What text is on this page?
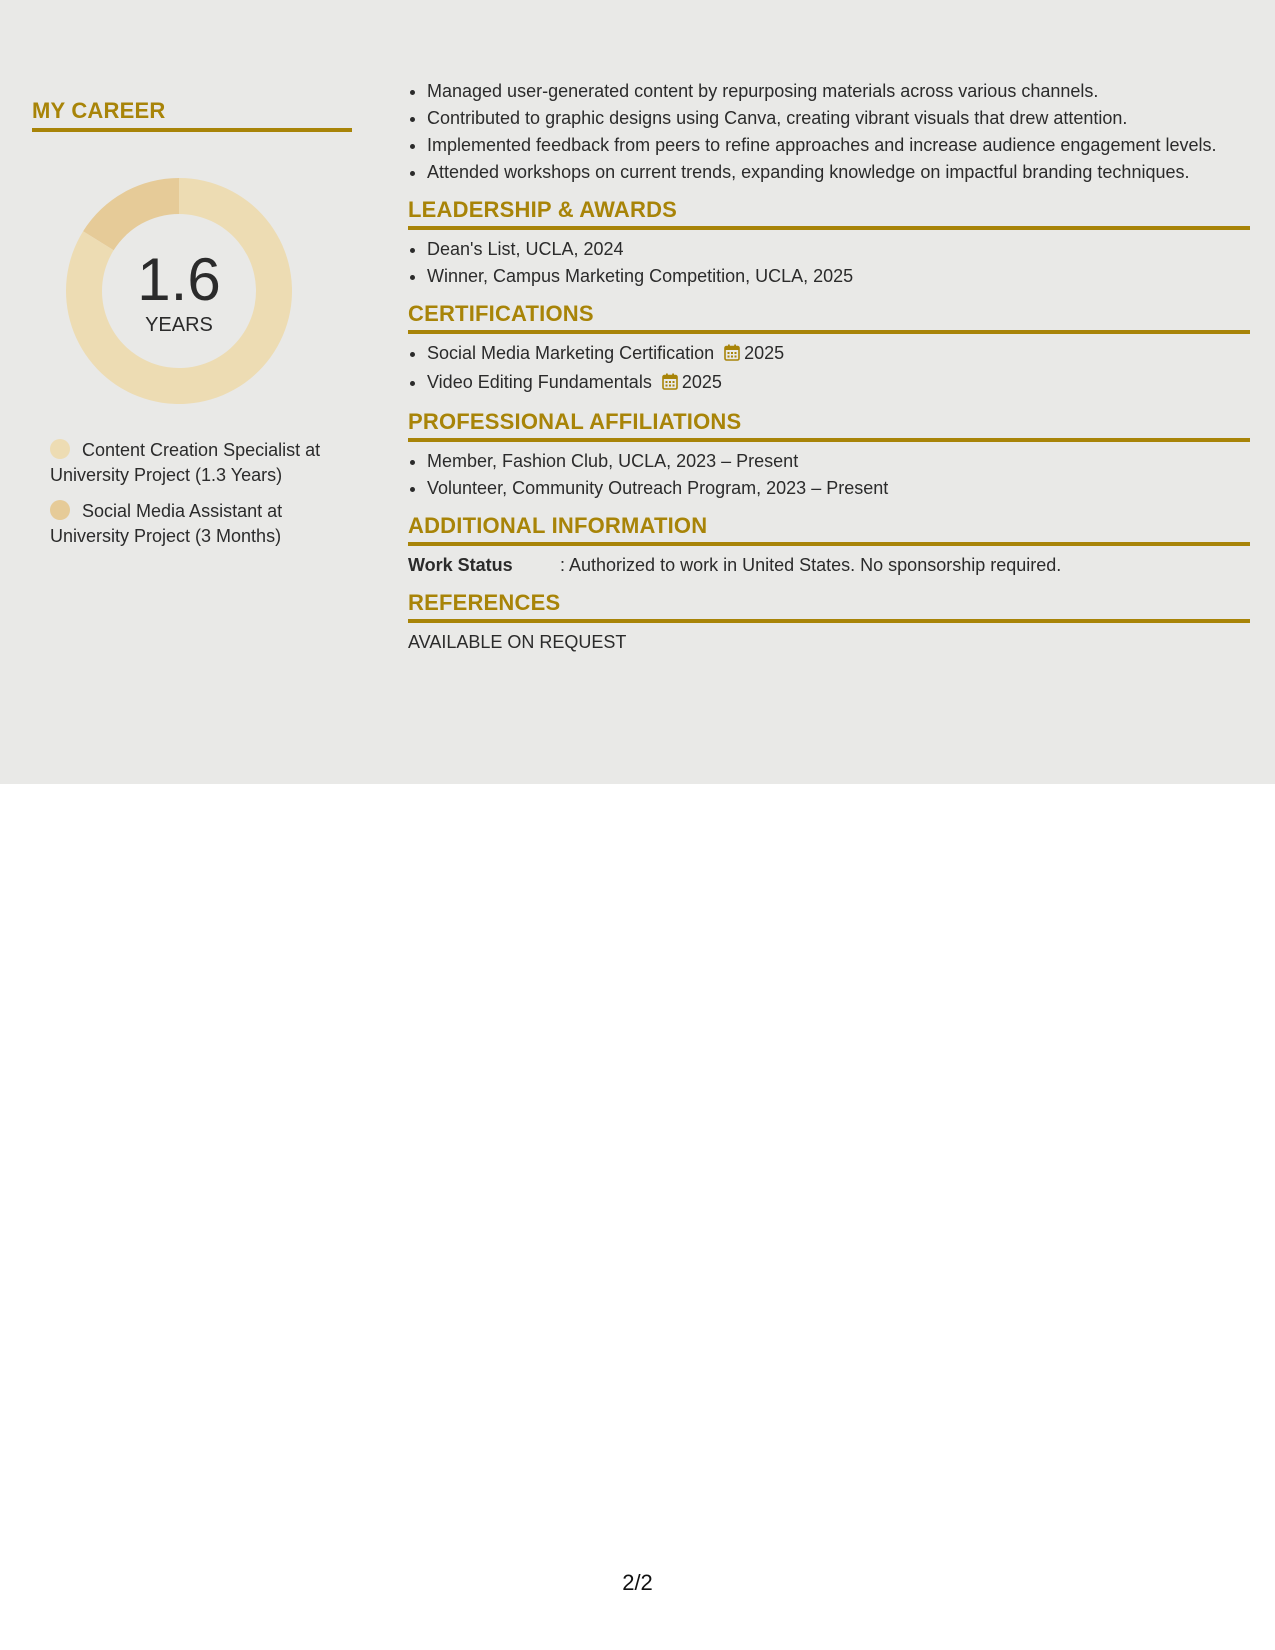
MY CAREER
1.6
YEARS
Content Creation Specialist at University Project (1.3 Years)
Social Media Assistant at University Project (3 Months)
• Managed user-generated content by repurposing materials across various channels.
• Contributed to graphic designs using Canva, creating vibrant visuals that drew attention.
• Implemented feedback from peers to refine approaches and increase audience engagement levels.
• Attended workshops on current trends, expanding knowledge on impactful branding techniques.
LEADERSHIP & AWARDS
• Dean's List, UCLA, 2024
• Winner, Campus Marketing Competition, UCLA, 2025
CERTIFICATIONS
• Social Media Marketing Certification 2025
• Video Editing Fundamentals 2025
PROFESSIONAL AFFILIATIONS
• Member, Fashion Club, UCLA, 2023 – Present
• Volunteer, Community Outreach Program, 2023 – Present
ADDITIONAL INFORMATION
Work Status	: Authorized to work in United States. No sponsorship required.
REFERENCES
AVAILABLE ON REQUEST
2/2
